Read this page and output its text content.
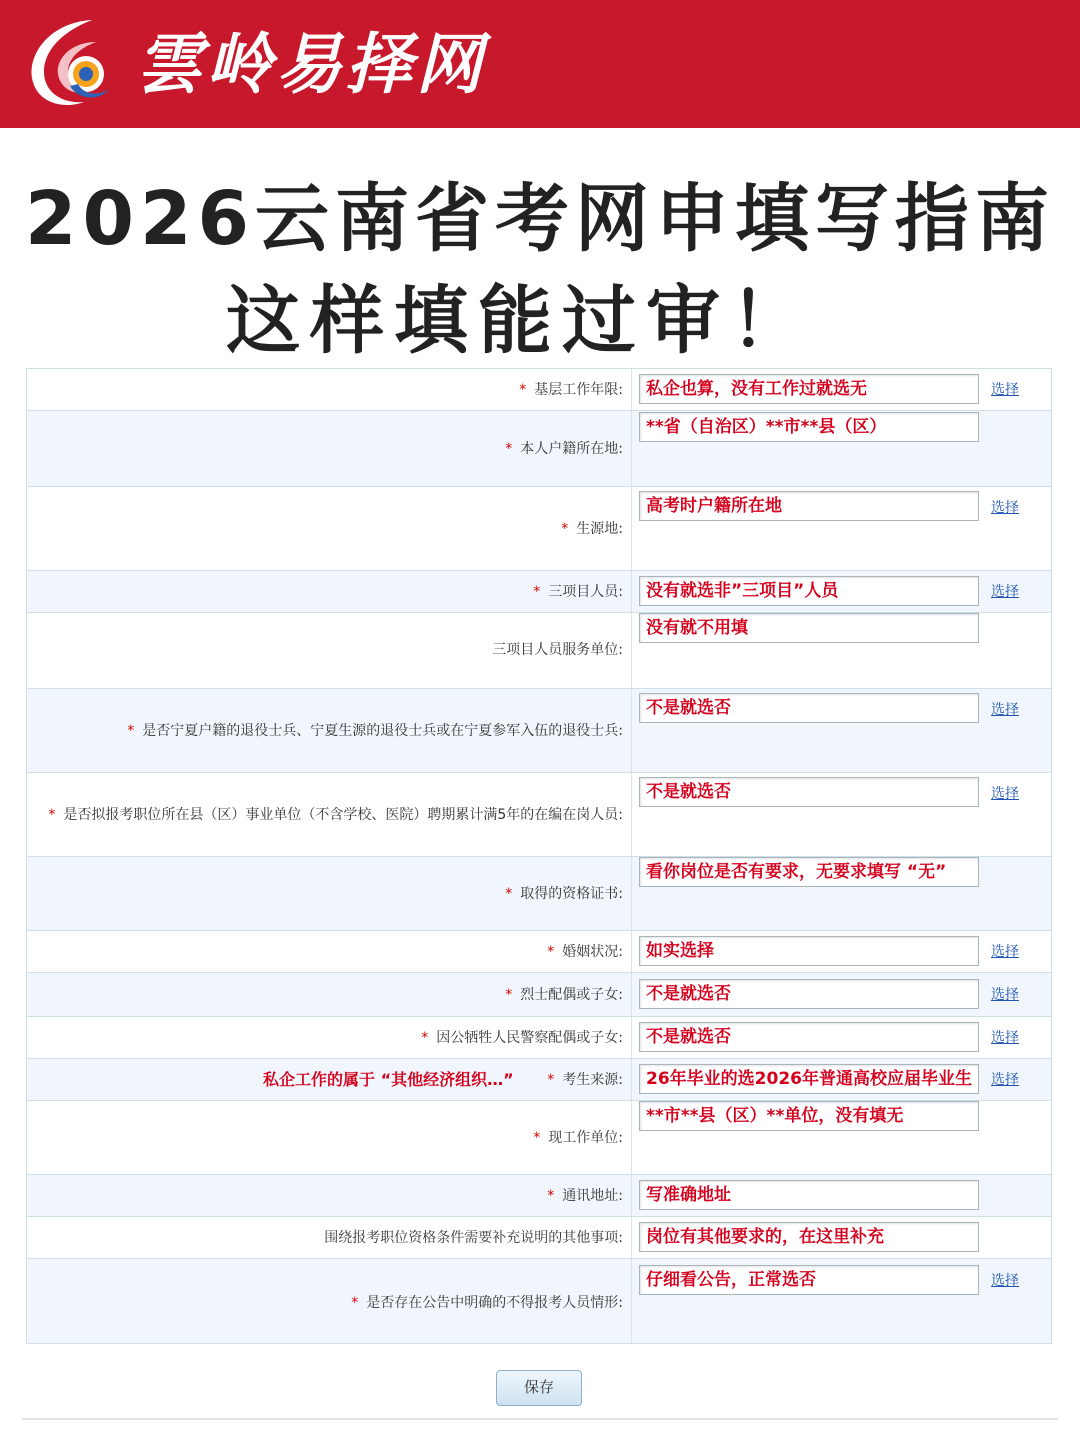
雲岭易择网
2026云南省考网申填写指南
这样填能过审！
* 基层工作年限:	私企也算，没有工作过就选无	选择
* 本人户籍所在地:
**省（自治区）**市**县（区）
* 生源地:
高考时户籍所在地	选择
* 三项目人员:	没有就选非”三项目”人员	选择
三项目人员服务单位:
没有就不用填
* 是否宁夏户籍的退役士兵、宁夏生源的退役士兵或在宁夏参军入伍的退役士兵:
不是就选否	选择
* 是否拟报考职位所在县（区）事业单位（不含学校、医院）聘期累计满5年的在编在岗人员:
不是就选否	选择
* 取得的资格证书:
看你岗位是否有要求，无要求填写 “无”
* 婚姻状况:	如实选择	选择
* 烈士配偶或子女:	不是就选否	选择
* 因公牺牲人民警察配偶或子女:	不是就选否	选择
私企工作的属于 “其他经济组织…” * 考生来源:	26年毕业的选2026年普通高校应届毕业生	选择
* 现工作单位:
**市**县（区）**单位，没有填无
* 通讯地址:	写准确地址
围绕报考职位资格条件需要补充说明的其他事项:	岗位有其他要求的，在这里补充
* 是否存在公告中明确的不得报考人员情形:
仔细看公告，正常选否	选择
保存
